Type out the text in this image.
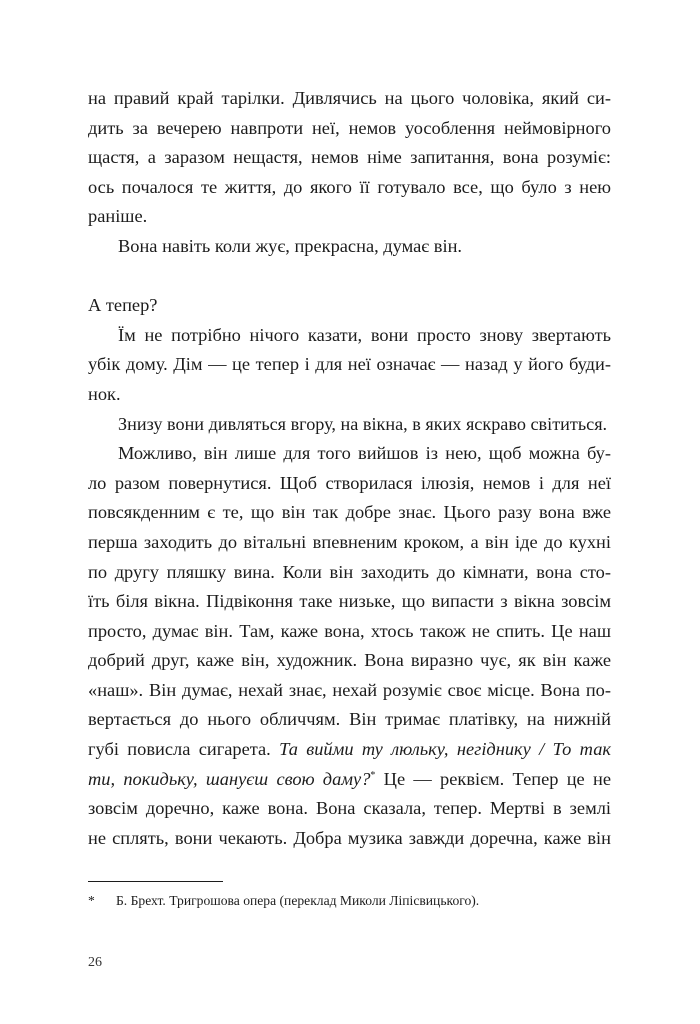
на правий край тарілки. Дивлячись на цього чоловіка, який си-
дить за вечерею навпроти неї, немов уособлення неймовірного
щастя, а заразом нещастя, немов німе запитання, вона розуміє:
ось почалося те життя, до якого її готувало все, що було з нею
раніше.
Вона навіть коли жує, прекрасна, думає він.
А тепер?
Їм не потрібно нічого казати, вони просто знову звертають
убік дому. Дім — це тепер і для неї означає — назад у його буди-
нок.
Знизу вони дивляться вгору, на вікна, в яких яскраво світиться.
Можливо, він лише для того вийшов із нею, щоб можна бу-
ло разом повернутися. Щоб створилася ілюзія, немов і для неї
повсякденним є те, що він так добре знає. Цього разу вона вже
перша заходить до вітальні впевненим кроком, а він іде до кухні
по другу пляшку вина. Коли він заходить до кімнати, вона сто-
їть біля вікна. Підвіконня таке низьке, що випасти з вікна зовсім
просто, думає він. Там, каже вона, хтось також не спить. Це наш
добрий друг, каже він, художник. Вона виразно чує, як він каже
«наш». Він думає, нехай знає, нехай розуміє своє місце. Вона по-
вертається до нього обличчям. Він тримає платівку, на нижній
губі повисла сигарета. Та вийми ту люльку, негіднику / То так
ти, покидьку, шануєш свою даму?* Це — реквієм. Тепер це не
зовсім доречно, каже вона. Вона сказала, тепер. Мертві в землі
не сплять, вони чекають. Добра музика завжди доречна, каже він
* Б. Брехт. Тригрошова опера (переклад Миколи Ліпісвицького).
26
